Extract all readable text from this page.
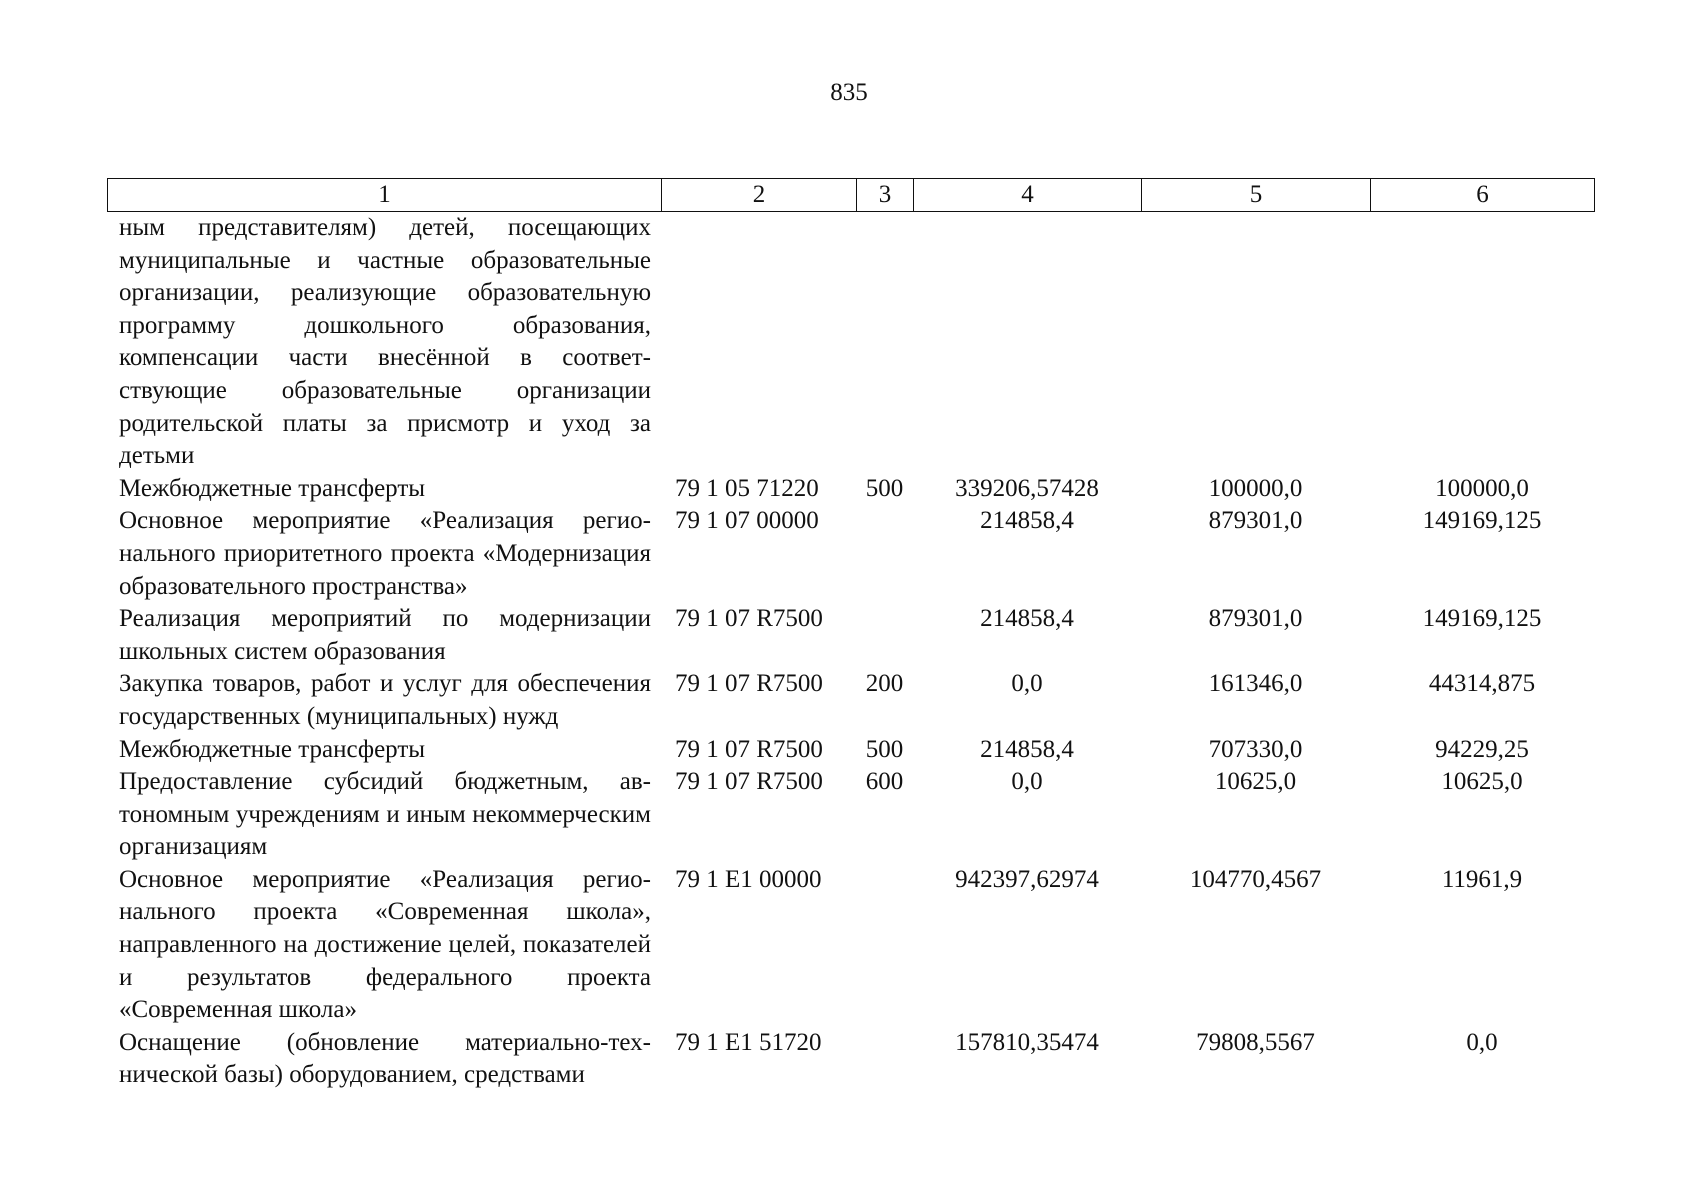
835
1	2	3	4	5	6
ным представителям) детей, посещающих муниципальные и частные образовательные организации, реализующие образовательную программу дошкольного образования, компенсации части внесённой в соответствующие образовательные организации родительской платы за присмотр и уход за детьми					
Межбюджетные трансферты	79 1 05 71220	500	339206,57428	100000,0	100000,0
Основное мероприятие «Реализация регионального приоритетного проекта «Модернизация образовательного пространства»	79 1 07 00000		214858,4	879301,0	149169,125
Реализация мероприятий по модернизации школьных систем образования	79 1 07 R7500		214858,4	879301,0	149169,125
Закупка товаров, работ и услуг для обеспечения государственных (муниципальных) нужд	79 1 07 R7500	200	0,0	161346,0	44314,875
Межбюджетные трансферты	79 1 07 R7500	500	214858,4	707330,0	94229,25
Предоставление субсидий бюджетным, автономным учреждениям и иным некоммерческим организациям	79 1 07 R7500	600	0,0	10625,0	10625,0
Основное мероприятие «Реализация регионального проекта «Современная школа», направленного на достижение целей, показателей и результатов федерального проекта «Современная школа»	79 1 E1 00000		942397,62974	104770,4567	11961,9
Оснащение (обновление материально-технической базы) оборудованием, средствами	79 1 E1 51720		157810,35474	79808,5567	0,0
